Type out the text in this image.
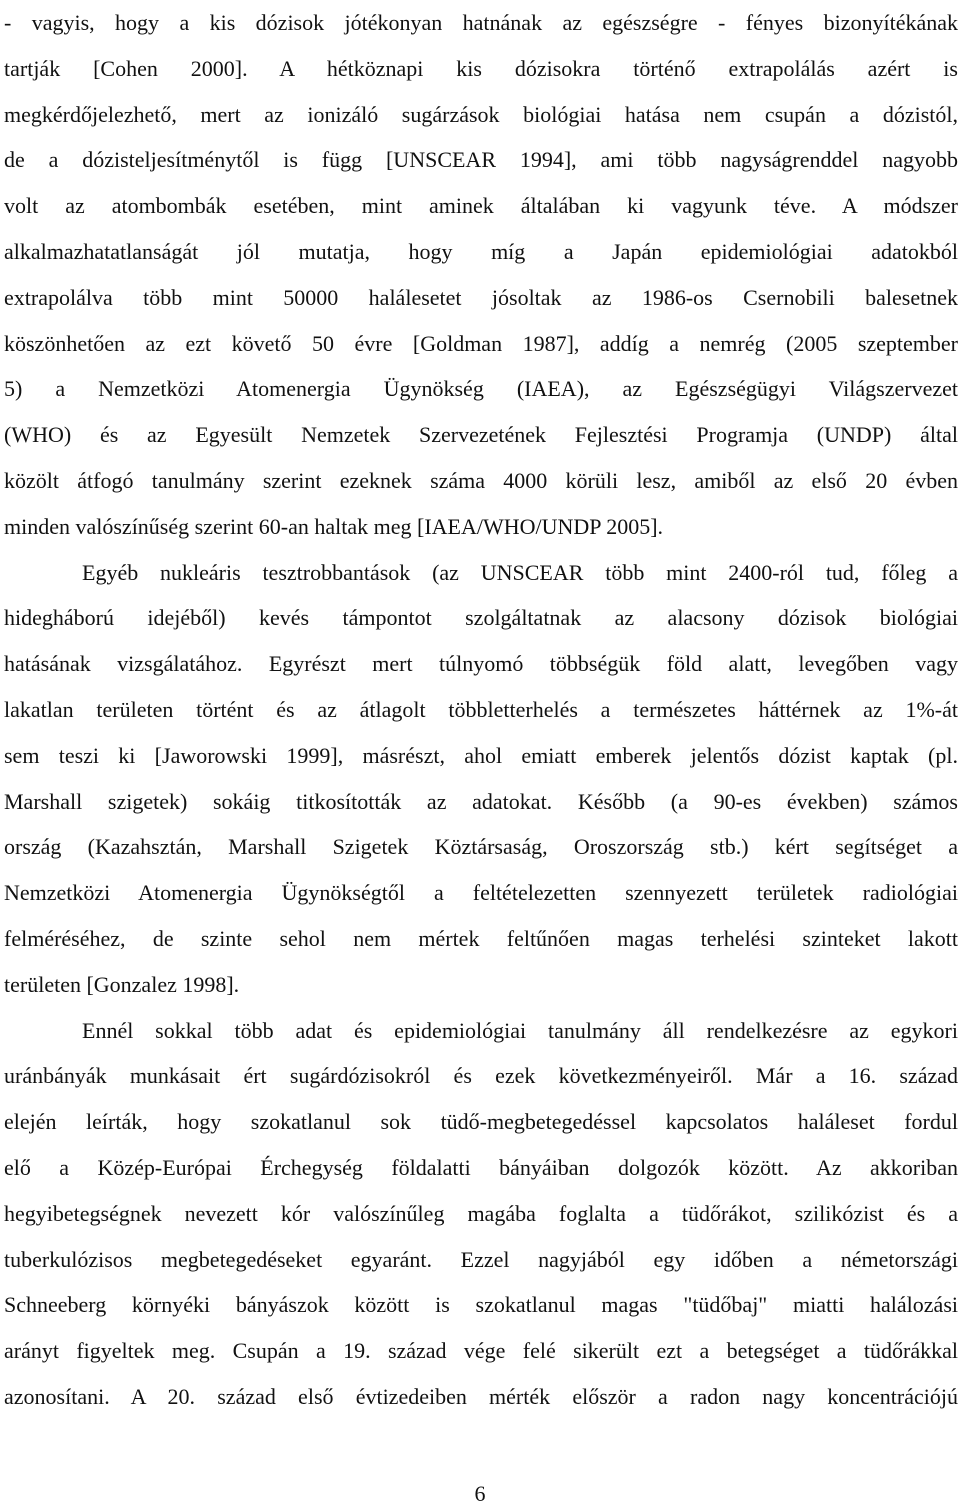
- vagyis, hogy a kis dózisok jótékonyan hatnának az egészségre - fényes bizonyítékának
tartják [Cohen 2000]. A hétköznapi kis dózisokra történő extrapolálás azért is
megkérdőjelezhető, mert az ionizáló sugárzások biológiai hatása nem csupán a dózistól,
de a dózisteljesítménytől is függ [UNSCEAR 1994], ami több nagyságrenddel nagyobb
volt az atombombák esetében, mint aminek általában ki vagyunk téve. A módszer
alkalmazhatatlanságát jól mutatja, hogy míg a Japán epidemiológiai adatokból
extrapolálva több mint 50000 halálesetet jósoltak az 1986-os Csernobili balesetnek
köszönhetően az ezt követő 50 évre [Goldman 1987], addíg a nemrég (2005 szeptember
5) a Nemzetközi Atomenergia Ügynökség (IAEA), az Egészségügyi Világszervezet
(WHO) és az Egyesült Nemzetek Szervezetének Fejlesztési Programja (UNDP) által
közölt átfogó tanulmány szerint ezeknek száma 4000 körüli lesz, amiből az első 20 évben
minden valószínűség szerint 60-an haltak meg [IAEA/WHO/UNDP 2005].
Egyéb nukleáris tesztrobbantások (az UNSCEAR több mint 2400-ról tud, főleg a
hidegháború idejéből) kevés támpontot szolgáltatnak az alacsony dózisok biológiai
hatásának vizsgálatához. Egyrészt mert túlnyomó többségük föld alatt, levegőben vagy
lakatlan területen történt és az átlagolt többletterhelés a természetes háttérnek az 1%-át
sem teszi ki [Jaworowski 1999], másrészt, ahol emiatt emberek jelentős dózist kaptak (pl.
Marshall szigetek) sokáig titkosították az adatokat. Később (a 90-es években) számos
ország (Kazahsztán, Marshall Szigetek Köztársaság, Oroszország stb.) kért segítséget a
Nemzetközi Atomenergia Ügynökségtől a feltételezetten szennyezett területek radiológiai
felméréséhez, de szinte sehol nem mértek feltűnően magas terhelési szinteket lakott
területen [Gonzalez 1998].
Ennél sokkal több adat és epidemiológiai tanulmány áll rendelkezésre az egykori
uránbányák munkásait ért sugárdózisokról és ezek következményeiről. Már a 16. század
elején leírták, hogy szokatlanul sok tüdő-megbetegedéssel kapcsolatos haláleset fordul
elő a Közép-Európai Érchegység földalatti bányáiban dolgozók között. Az akkoriban
hegyibetegségnek nevezett kór valószínűleg magába foglalta a tüdőrákot, szilikózist és a
tuberkulózisos megbetegedéseket egyaránt. Ezzel nagyjából egy időben a németországi
Schneeberg környéki bányászok között is szokatlanul magas "tüdőbaj" miatti halálozási
arányt figyeltek meg. Csupán a 19. század vége felé sikerült ezt a betegséget a tüdőrákkal
azonosítani. A 20. század első évtizedeiben mérték először a radon nagy koncentrációjú
6
